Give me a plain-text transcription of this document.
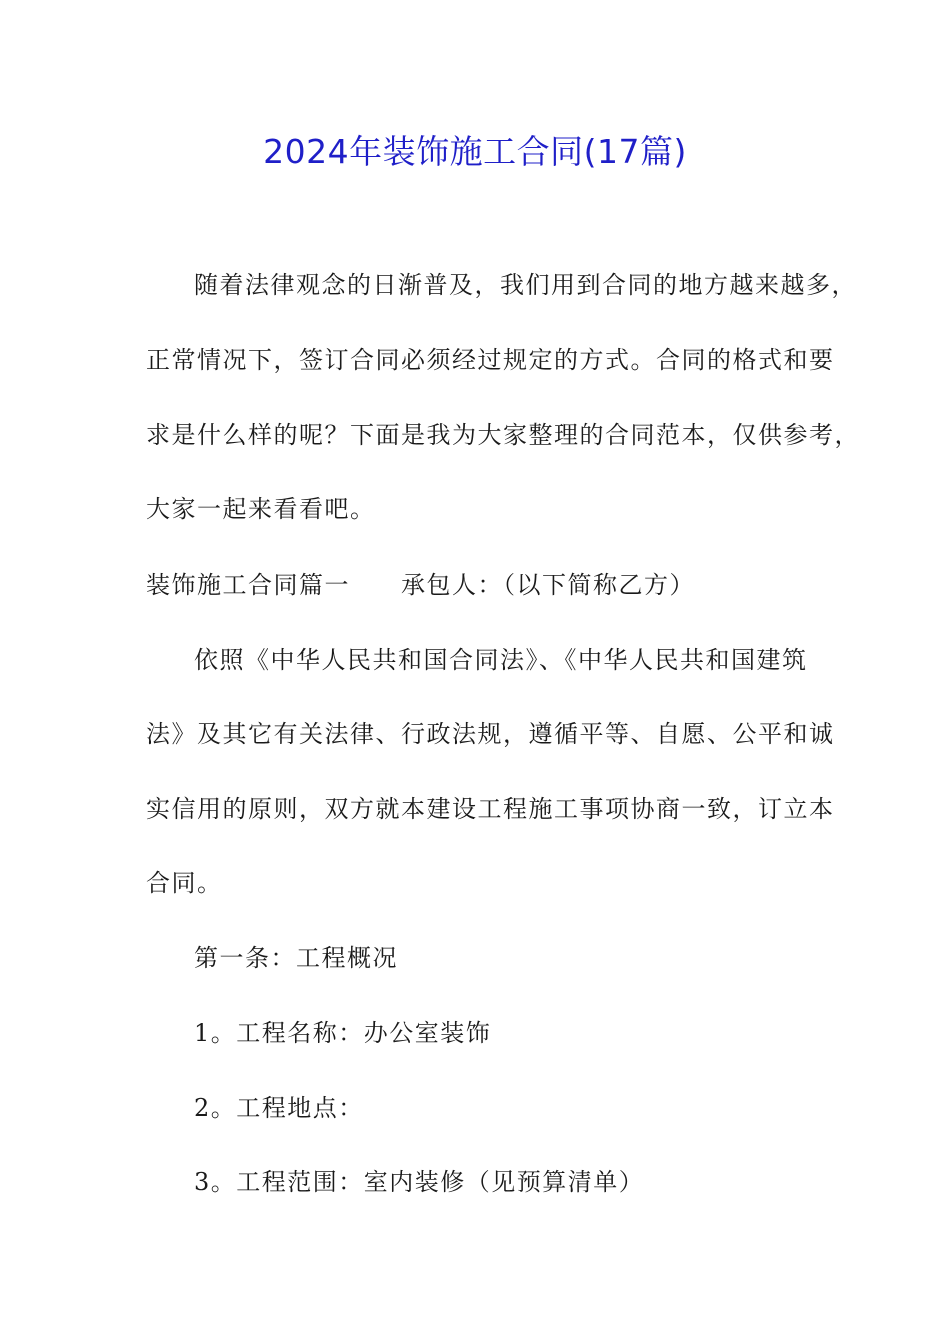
2024年装饰施工合同(17篇)
随着法律观念的日渐普及，我们用到合同的地方越来越多，
正常情况下，签订合同必须经过规定的方式。合同的格式和要
求是什么样的呢？下面是我为大家整理的合同范本，仅供参考，
大家一起来看看吧。
装饰施工合同篇一　　承包人：（以下简称乙方）
依照《中华人民共和国合同法》、《中华人民共和国建筑
法》及其它有关法律、行政法规，遵循平等、自愿、公平和诚
实信用的原则，双方就本建设工程施工事项协商一致，订立本
合同。
第一条：工程概况
1。工程名称：办公室装饰
2。工程地点：
3。工程范围：室内装修（见预算清单）
